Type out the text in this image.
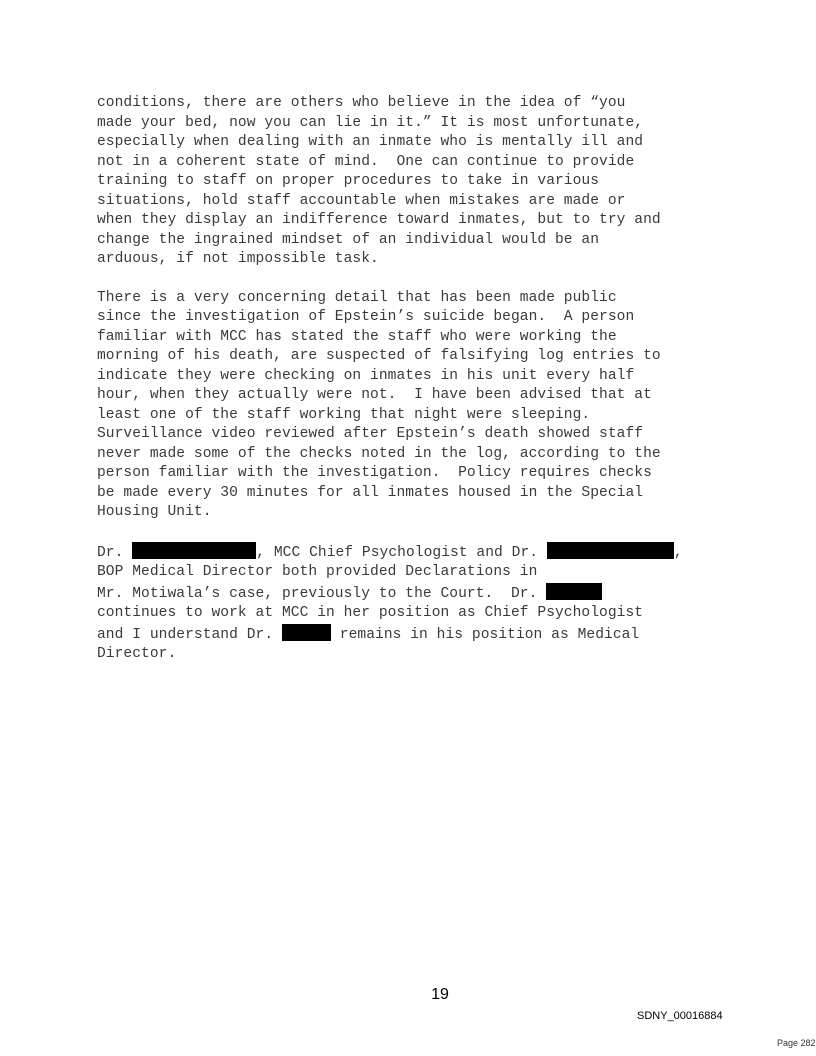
conditions, there are others who believe in the idea of “you
made your bed, now you can lie in it.” It is most unfortunate,
especially when dealing with an inmate who is mentally ill and
not in a coherent state of mind.  One can continue to provide
training to staff on proper procedures to take in various
situations, hold staff accountable when mistakes are made or
when they display an indifference toward inmates, but to try and
change the ingrained mindset of an individual would be an
arduous, if not impossible task.

There is a very concerning detail that has been made public
since the investigation of Epstein’s suicide began.  A person
familiar with MCC has stated the staff who were working the
morning of his death, are suspected of falsifying log entries to
indicate they were checking on inmates in his unit every half
hour, when they actually were not.  I have been advised that at
least one of the staff working that night were sleeping.
Surveillance video reviewed after Epstein’s death showed staff
never made some of the checks noted in the log, according to the
person familiar with the investigation.  Policy requires checks
be made every 30 minutes for all inmates housed in the Special
Housing Unit.

Dr.	, MCC Chief Psychologist and Dr.	,
BOP Medical Director both provided Declarations in
Mr. Motiwala’s case, previously to the Court.  Dr.
continues to work at MCC in her position as Chief Psychologist
and I understand Dr.	remains in his position as Medical
Director.

19
SDNY_00016884
Page 282
